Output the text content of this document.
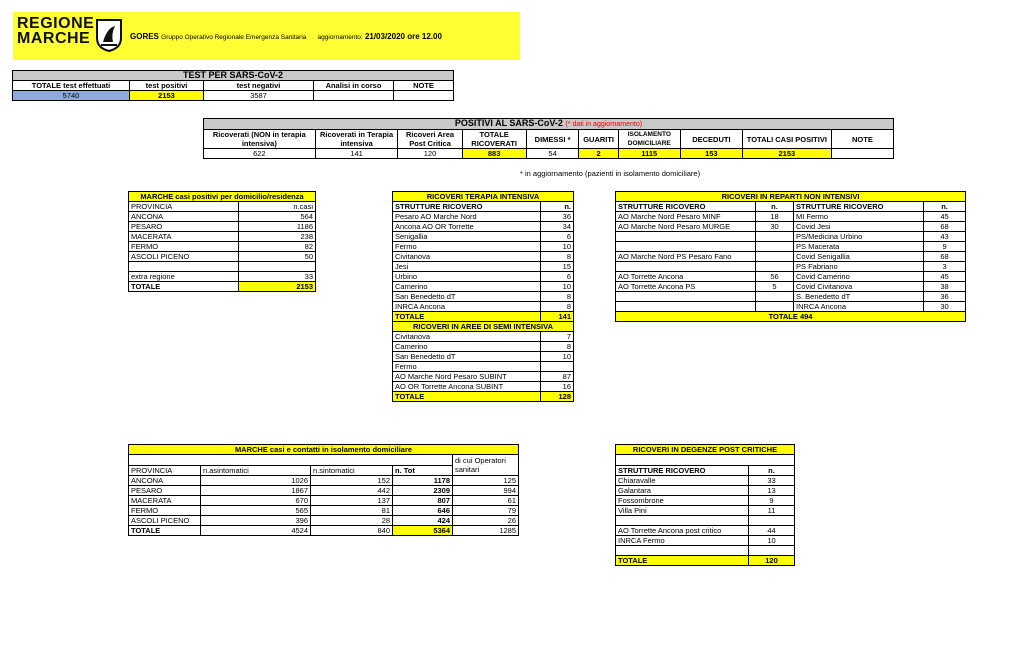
REGIONE
MARCHE	GORES Gruppo Operativo Regionale Emergenza Sanitaria aggiornamento: 21/03/2020 ore 12.00
TEST PER SARS-CoV-2				
TOTALE test effettuati	test positivi	test negativi	Analisi in corso	NOTE
5740	2153	3587		
POSITIVI AL SARS-CoV-2 (* dati in aggiornamento)									
Ricoverati (NON in terapia intensiva)	Ricoverati in Terapia intensiva	Ricoveri Area Post Critica	TOTALE RICOVERATI	DIMESSI *	GUARITI	ISOLAMENTO DOMICILIARE	DECEDUTI	TOTALI CASI POSITIVI	NOTE
622	141	120	883	54	2	1115	153	2153	
* in aggiornamento (pazienti in isolamento domiciliare)
MARCHE casi positivi per domicilio/residenza	
PROVINCIA	n.casi
ANCONA	564
PESARO	1186
MACERATA	238
FERMO	82
ASCOLI PICENO	50

extra regione	33
TOTALE	2153
RICOVERI TERAPIA INTENSIVA	
STRUTTURE RICOVERO	n.
Pesaro AO Marche Nord	36
Ancona AO OR Torrette	34
Senigallia	6
Fermo	10
Civitanova	8
Jesi	15
Urbino	6
Camerino	10
San Benedetto dT	8
INRCA Ancona	8
TOTALE	141
RICOVERI IN AREE DI SEMI INTENSIVA	
Civitanova	7
Camerino	8
San Benedetto dT	10
Fermo	
AO Marche Nord Pesaro SUBINT	87
AO OR Torrette Ancona SUBINT	16
TOTALE	128
RICOVERI IN REPARTI NON INTENSIVI			
STRUTTURE RICOVERO	n.	STRUTTURE RICOVERO	n.
AO Marche Nord Pesaro MINF	18	MI Fermo	45
AO Marche Nord Pesaro MURGE	30	Covid Jesi	68
		PS/Medicina Urbino	43
		PS Macerata	9
AO Marche Nord PS Pesaro Fano		Covid Senigallia	68
		PS Fabriano	3
AO Torrette Ancona	56	Covid Camerino	45
AO Torrette Ancona PS	5	Covid Civitanova	38
		S. Benedetto dT	36
		INRCA Ancona	30
TOTALE 494			
MARCHE casi e contatti in isolamento domiciliare				
				di cui Operatori sanitari
PROVINCIA	n.asintomatici	n.sintomatici	n. Tot	
ANCONA	1026	152	1178	125
PESARO	1867	442	2309	994
MACERATA	670	137	807	61
FERMO	565	81	646	79
ASCOLI PICENO	396	28	424	26
TOTALE	4524	840	5364	1285
RICOVERI IN DEGENZE POST CRITICHE	

STRUTTURE RICOVERO	n.
Chiaravalle	33
Galantara	13
Fossombrone	9
Villa Pini	11

AO Torrette Ancona post critico	44
INRCA Fermo	10

TOTALE	120
